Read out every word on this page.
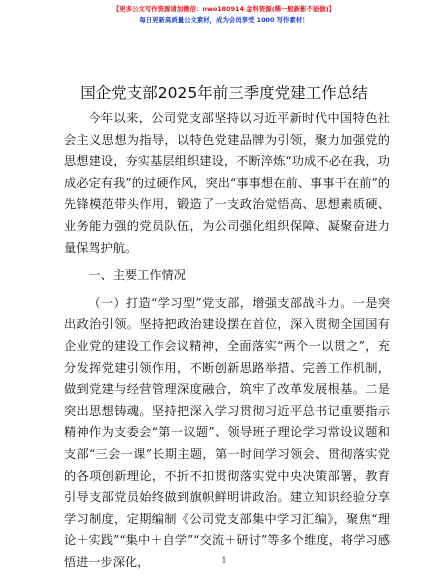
【更多公文写作资源请加微信：nwo180914 金科资源(稀一般新影不能做)】
每日更新高质量公文素材，成为会员享受 1000 写作素材！
国企党支部2025年前三季度党建工作总结

今年以来，公司党支部坚持以习近平新时代中国特色社会主义思想为指导，以特色党建品牌为引领，聚力加强党的思想建设，夯实基层组织建设，不断淬炼“功成不必在我，功成必定有我”的过硬作风，突出“事事想在前、事事干在前”的先锋模范带头作用，锻造了一支政治觉悟高、思想素质硬、业务能力强的党员队伍，为公司强化组织保障、凝聚奋进力量保驾护航。

一、主要工作情况

（一）打造“学习型”党支部，增强支部战斗力。一是突出政治引领。坚持把政治建设摆在首位，深入贯彻全国国有企业党的建设工作会议精神，全面落实“两个一以贯之”，充分发挥党建引领作用，不断创新思路举措、完善工作机制，做到党建与经营管理深度融合，筑牢了改革发展根基。二是突出思想铸魂。坚持把深入学习贯彻习近平总书记重要指示精神作为支委会“第一议题”、领导班子理论学习常设议题和支部“三会一课”长期主题，第一时间学习领会、贯彻落实党的各项创新理论，不折不扣贯彻落实党中央决策部署，教育引导支部党员始终做到旗帜鲜明讲政治。建立知识经验分享学习制度，定期编制《公司党支部集中学习汇编》，聚焦“理论＋实践”“集中＋自学”“交流＋研讨”等多个维度，将学习感悟进一步深化，	1
